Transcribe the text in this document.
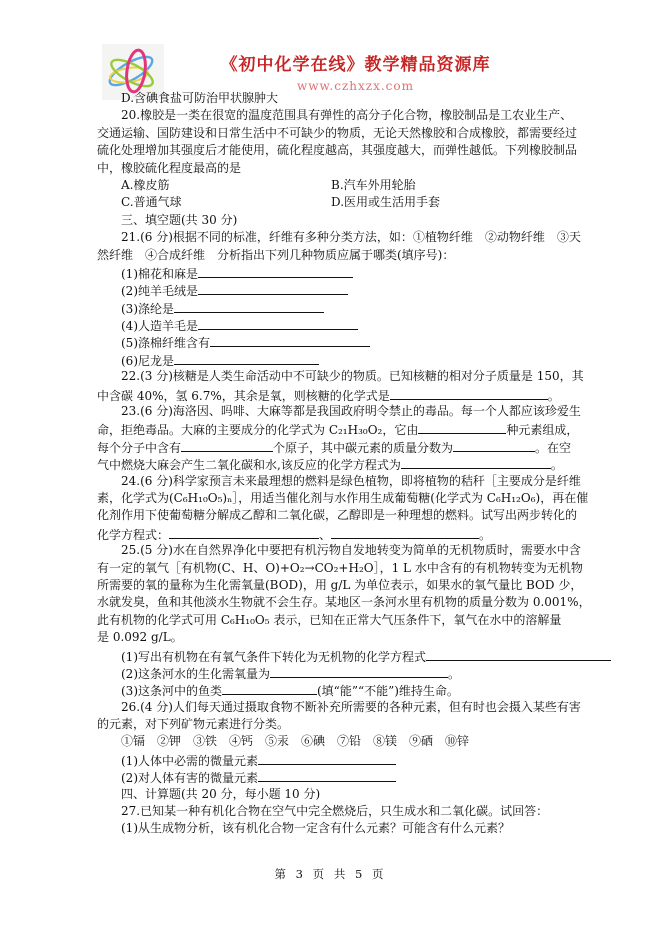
《初中化学在线》教学精品资源库
www.czhxzx.com
D.含碘食盐可防治甲状腺肿大
20.橡胶是一类在很宽的温度范围具有弹性的高分子化合物，橡胶制品是工农业生产、
交通运输、国防建设和日常生活中不可缺少的物质，无论天然橡胶和合成橡胶，都需要经过
硫化处理增加其强度后才能使用，硫化程度越高，其强度越大，而弹性越低。下列橡胶制品
中，橡胶硫化程度最高的是
A.橡皮筋	B.汽车外用轮胎
C.普通气球	D.医用或生活用手套
三、填空题(共 30 分)
21.(6 分)根据不同的标准，纤维有多种分类方法，如：①植物纤维　②动物纤维　③天
然纤维　④合成纤维　分析指出下列几种物质应属于哪类(填序号)：
(1)棉花和麻是
(2)纯羊毛绒是
(3)涤纶是
(4)人造羊毛是
(5)涤棉纤维含有
(6)尼龙是
22.(3 分)核糖是人类生命活动中不可缺少的物质。已知核糖的相对分子质量是 150，其
中含碳 40%，氢 6.7%，其余是氧，则核糖的化学式是	。
23.(6 分)海洛因、吗啡、大麻等都是我国政府明令禁止的毒品。每一个人都应该珍爱生
命，拒绝毒品。大麻的主要成分的化学式为 C₂₁H₃₀O₂，它由	种元素组成，
每个分子中含有	个原子，其中碳元素的质量分数为	。在空
气中燃烧大麻会产生二氧化碳和水,该反应的化学方程式为	。
24.(6 分)科学家预言未来最理想的燃料是绿色植物，即将植物的秸秆［主要成分是纤维
素，化学式为(C₆H₁₀O₅)ₙ］，用适当催化剂与水作用生成葡萄糖(化学式为 C₆H₁₂O₆)，再在催
化剂作用下使葡萄糖分解成乙醇和二氧化碳，乙醇即是一种理想的燃料。试写出两步转化的
化学方程式：	、	。
25.(5 分)水在自然界净化中要把有机污物自发地转变为简单的无机物质时，需要水中含
有一定的氧气［有机物(C、H、O)+O₂→CO₂+H₂O］，1 L 水中含有的有机物转变为无机物
所需要的氧的量称为生化需氧量(BOD)，用 g/L 为单位表示，如果水的氧气量比 BOD 少，
水就发臭，鱼和其他淡水生物就不会生存。某地区一条河水里有机物的质量分数为 0.001%，
此有机物的化学式可用 C₆H₁₀O₅ 表示，已知在正常大气压条件下，氧气在水中的溶解量
是 0.092 g/L。
(1)写出有机物在有氧气条件下转化为无机物的化学方程式
(2)这条河水的生化需氧量为	。
(3)这条河中的鱼类	(填“能”“不能”)维持生命。
26.(4 分)人们每天通过摄取食物不断补充所需要的各种元素，但有时也会摄入某些有害
的元素，对下列矿物元素进行分类。
①镉　②钾　③铁　④钙　⑤汞　⑥碘　⑦铅　⑧镁　⑨硒　⑩锌
(1)人体中必需的微量元素
(2)对人体有害的微量元素
四、计算题(共 20 分，每小题 10 分)
27.已知某一种有机化合物在空气中完全燃烧后，只生成水和二氧化碳。试回答：
(1)从生成物分析，该有机化合物一定含有什么元素？可能含有什么元素？
第 3 页 共 5 页
